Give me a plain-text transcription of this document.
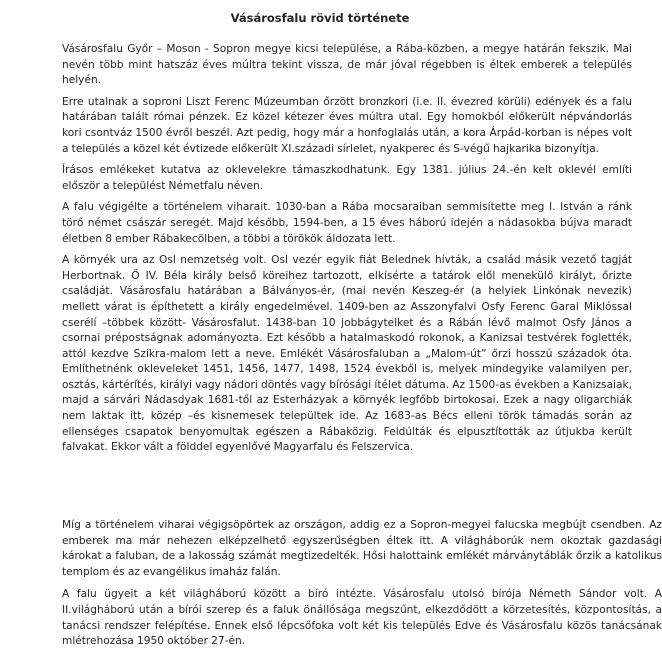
Vásárosfalu rövid története

Vásárosfalu Győr – Moson - Sopron megye kicsi települése, a Rába-közben, a megye határán fekszik. Mai nevén több mint hatszáz éves múltra tekint vissza, de már jóval régebben is éltek emberek a település helyén.

Erre utalnak a soproni Liszt Ferenc Múzeumban őrzött bronzkori (i.e. II. évezred körüli) edények és a falu határában talált római pénzek. Ez közel kétezer éves múltra utal. Egy homokból előkerült népvándorlás kori csontváz 1500 évről beszél. Azt pedig, hogy már a honfoglalás után, a kora Árpád-korban is népes volt a település a közel két évtizede előkerült XI.századi sírlelet, nyakperec és S-végű hajkarika bizonyítja.

Írásos emlékeket kutatva az oklevelekre támaszkodhatunk. Egy 1381. július 24.-én kelt oklevél említi először a települést Németfalu néven.

A falu végigélte a történelem viharait. 1030-ban a Rába mocsaraiban semmisítette meg I. István a ránk törő német császár seregét. Majd később, 1594-ben, a 15 éves háború idején a nádasokba bújva maradt életben 8 ember Rábakecölben, a többi a törökök áldozata lett.

A környék ura az Osl nemzetség volt. Osl vezér egyik fiát Belednek hívták, a család másik vezető tagját Herbortnak. Ő IV. Béla király belső köreihez tartozott, elkísérte a tatárok elől menekülő királyt, őrizte családját. Vásárosfalu határában a Bálványos-ér, (mai nevén Keszeg-ér (a helyiek Linkónak nevezik) mellett várat is építhetett a király engedelmével. 1409-ben az Asszonyfalvi Osfy Ferenc Garai Miklóssal cserélí –többek között- Vásárosfalut. 1438-ban 10 jobbágytelket és a Rábán lévő malmot Osfy János a csornai prépostságnak adományozta. Ezt később a hatalmaskodó rokonok, a Kanizsai testvérek foglették, attól kezdve Szikra-malom lett a neve. Emlékét Vásárosfaluban a „Malom-út” őrzi hosszú századok óta. Említhetnénk okleveleket 1451, 1456, 1477, 1498, 1524 évekből is, melyek mindegyike valamilyen per, osztás, kártérítés, királyi vagy nádori döntés vagy bírósági ítélet dátuma. Az 1500-as években a Kanizsaiak, majd a sárvári Nádasdyak 1681-től az Esterházyak a környék legfőbb birtokosai. Ezek a nagy oligarchiák nem laktak itt, közép –és kisnemesek települtek ide. Az 1683-as Bécs elleni török támadás során az ellenséges csapatok benyomultak egészen a Rábaközig. Feldúlták és elpusztították az útjukba került falvakat. Ekkor vált a földdel egyenlővé Magyarfalu és Felszervica.

Míg a történelem viharai végigsöpörtek az országon, addig ez a Sopron-megyei falucska megbújt csendben. Az emberek ma már nehezen elképzelhető egyszerűségben éltek itt. A világháborúk nem okoztak gazdasági károkat a faluban, de a lakosság számát megtizedelték. Hősi halottaink emlékét márványtáblák őrzik a katolikus templom és az evangélikus imaház falán.

A falu ügyeit a két világháború között a bíró intézte. Vásárosfalu utolsó bírója Németh Sándor volt. A II.világháború után a bírói szerep és a faluk önállósága megszűnt, elkezdődött a körzetesítés, központosítás, a tanácsi rendszer felépítése. Ennek első lépcsőfoka volt két kis település Edve és Vásárosfalu közös tanácsának mlétrehozása 1950 október 27-én.
